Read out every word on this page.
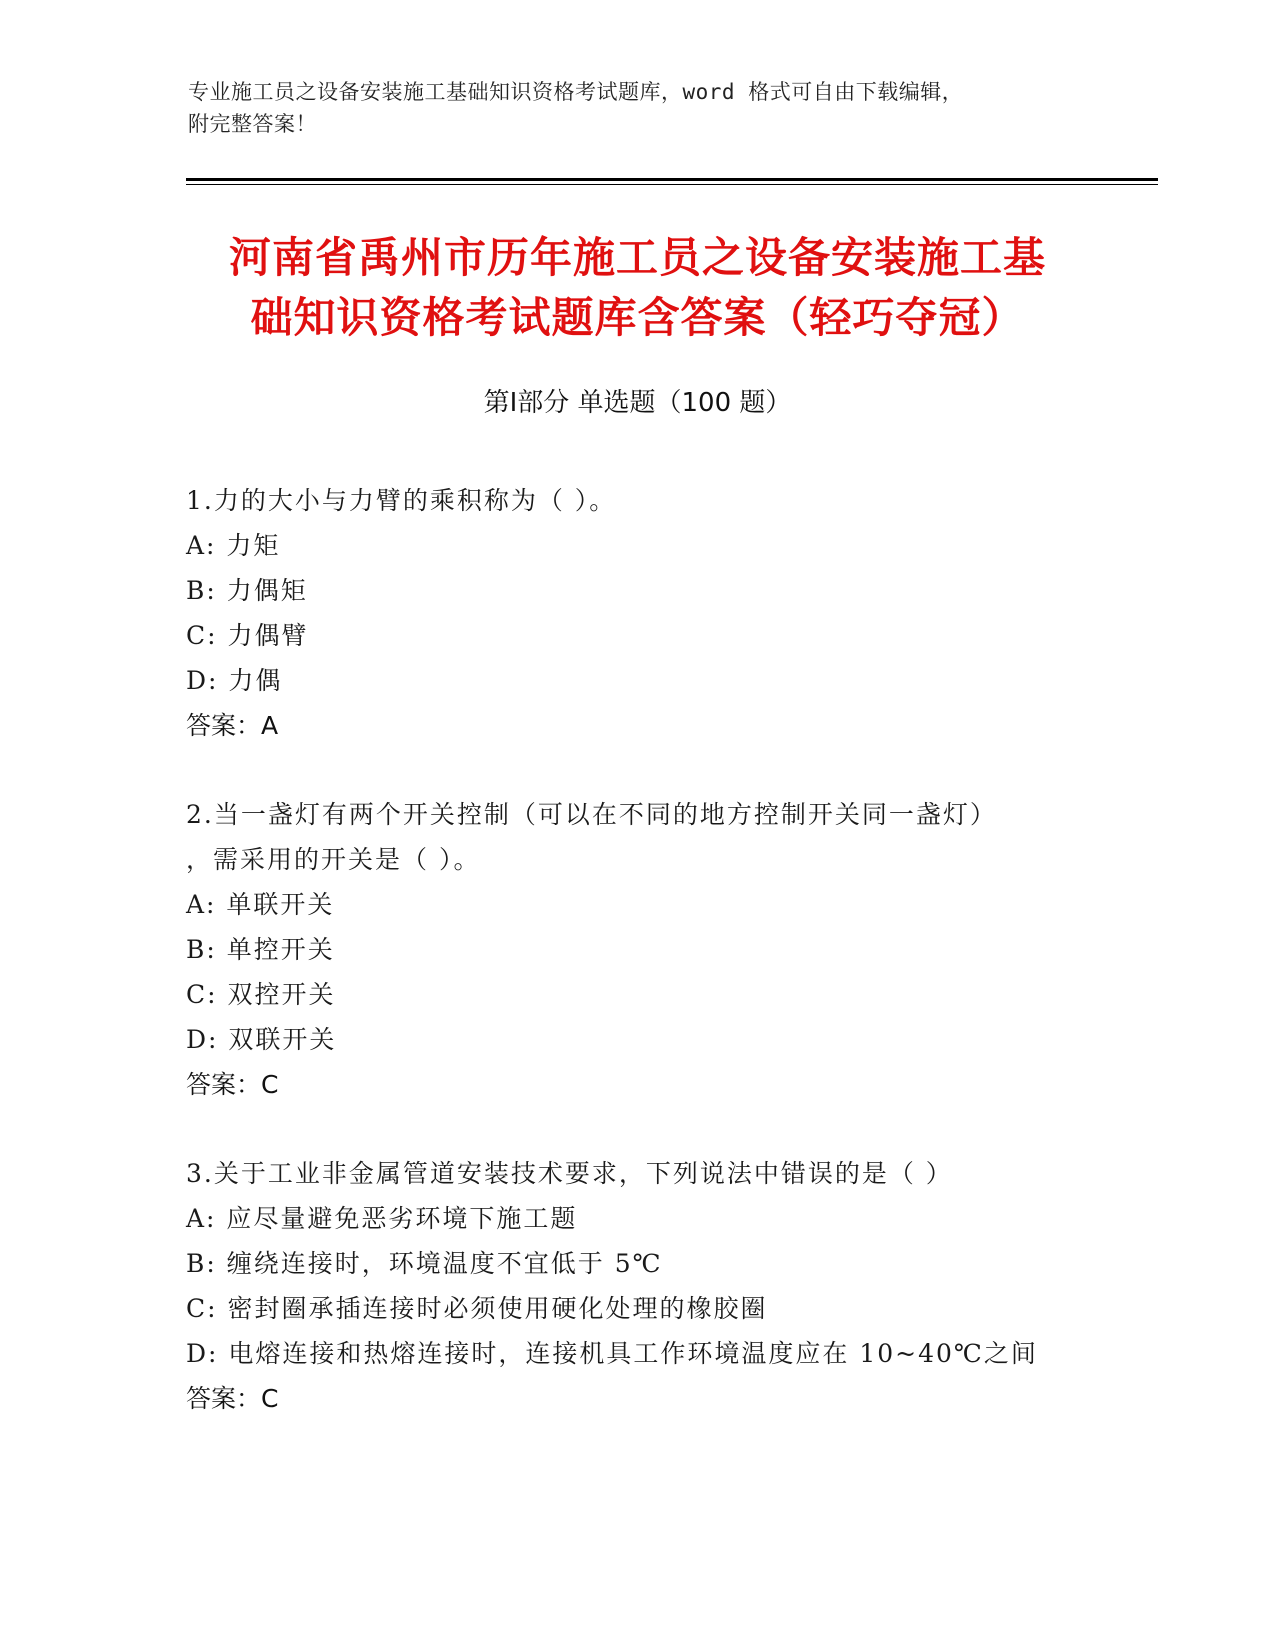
专业施工员之设备安装施工基础知识资格考试题库，word 格式可自由下载编辑，
附完整答案！
河南省禹州市历年施工员之设备安装施工基
础知识资格考试题库含答案（轻巧夺冠）
第Ⅰ部分 单选题（100 题）
1.力的大小与力臂的乘积称为（ ）。
A: 力矩
B: 力偶矩
C: 力偶臂
D: 力偶
答案：A
2.当一盏灯有两个开关控制（可以在不同的地方控制开关同一盏灯）
，需采用的开关是（ ）。
A: 单联开关
B: 单控开关
C: 双控开关
D: 双联开关
答案：C
3.关于工业非金属管道安装技术要求，下列说法中错误的是（ ）
A: 应尽量避免恶劣环境下施工题
B: 缠绕连接时，环境温度不宜低于 5℃
C: 密封圈承插连接时必须使用硬化处理的橡胶圈
D: 电熔连接和热熔连接时，连接机具工作环境温度应在 10~40℃之间
答案：C
